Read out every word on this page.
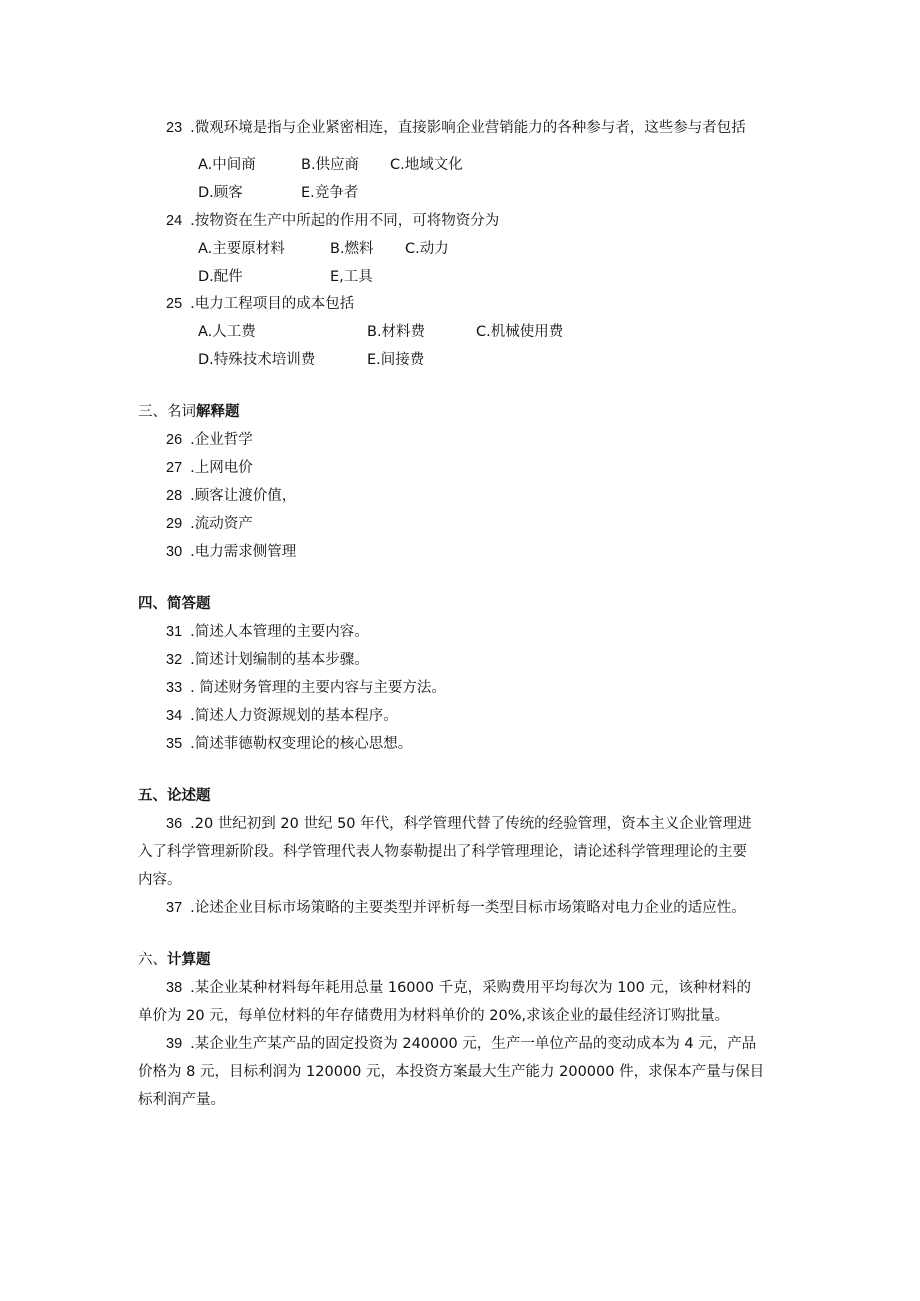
23 .微观环境是指与企业紧密相连，直接影响企业营销能力的各种参与者，这些参与者包括
A.中间商	B.供应商 C.地域文化
D.顾客	E.竞争者
24 .按物资在生产中所起的作用不同，可将物资分为
A.主要原材料	B.燃料 C.动力
D.配件	E,工具
25 .电力工程项目的成本包括
A.人工费	B.材料费	C.机械使用费
D.特殊技术培训费	E.间接费
三、名词解释题
26 .企业哲学
27 .上网电价
28 .顾客让渡价值，
29 .流动资产
30 .电力需求侧管理
四、简答题
31 .简述人本管理的主要内容。
32 .简述计划编制的基本步骤。
33 . 简述财务管理的主要内容与主要方法。
34 .简述人力资源规划的基本程序。
35 .简述菲德勒权变理论的核心思想。
五、论述题
36 .20 世纪初到 20 世纪 50 年代，科学管理代替了传统的经验管理，资本主义企业管理进
入了科学管理新阶段。科学管理代表人物泰勒提出了科学管理理论，请论述科学管理理论的主要
内容。
37 .论述企业目标市场策略的主要类型并评析每一类型目标市场策略对电力企业的适应性。
六、计算题
38 .某企业某种材料每年耗用总量 16000 千克，采购费用平均每次为 100 元，该种材料的
单价为 20 元，每单位材料的年存储费用为材料单价的 20%,求该企业的最佳经济订购批量。
39 .某企业生产某产品的固定投资为 240000 元，生产一单位产品的变动成本为 4 元，产品
价格为 8 元，目标利润为 120000 元，本投资方案最大生产能力 200000 件，求保本产量与保目
标利润产量。
